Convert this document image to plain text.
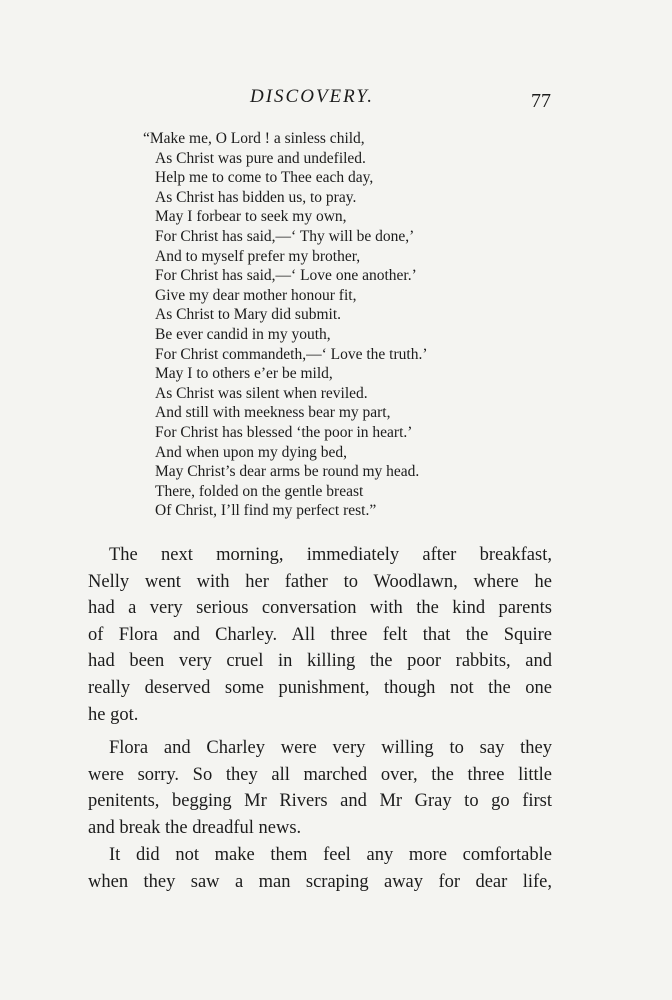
DISCOVERY.	77
“Make me, O Lord ! a sinless child,
As Christ was pure and undefiled.
Help me to come to Thee each day,
As Christ has bidden us, to pray.
May I forbear to seek my own,
For Christ has said,—‘ Thy will be done,’
And to myself prefer my brother,
For Christ has said,—‘ Love one another.’
Give my dear mother honour fit,
As Christ to Mary did submit.
Be ever candid in my youth,
For Christ commandeth,—‘ Love the truth.’
May I to others e’er be mild,
As Christ was silent when reviled.
And still with meekness bear my part,
For Christ has blessed ‘the poor in heart.’
And when upon my dying bed,
May Christ’s dear arms be round my head.
There, folded on the gentle breast
Of Christ, I’ll find my perfect rest.”

The next morning, immediately after breakfast,
Nelly went with her father to Woodlawn, where he
had a very serious conversation with the kind parents
of Flora and Charley. All three felt that the Squire
had been very cruel in killing the poor rabbits, and
really deserved some punishment, though not the one
he got.

Flora and Charley were very willing to say they
were sorry. So they all marched over, the three little
penitents, begging Mr Rivers and Mr Gray to go first
and break the dreadful news.

It did not make them feel any more comfortable
when they saw a man scraping away for dear life,
